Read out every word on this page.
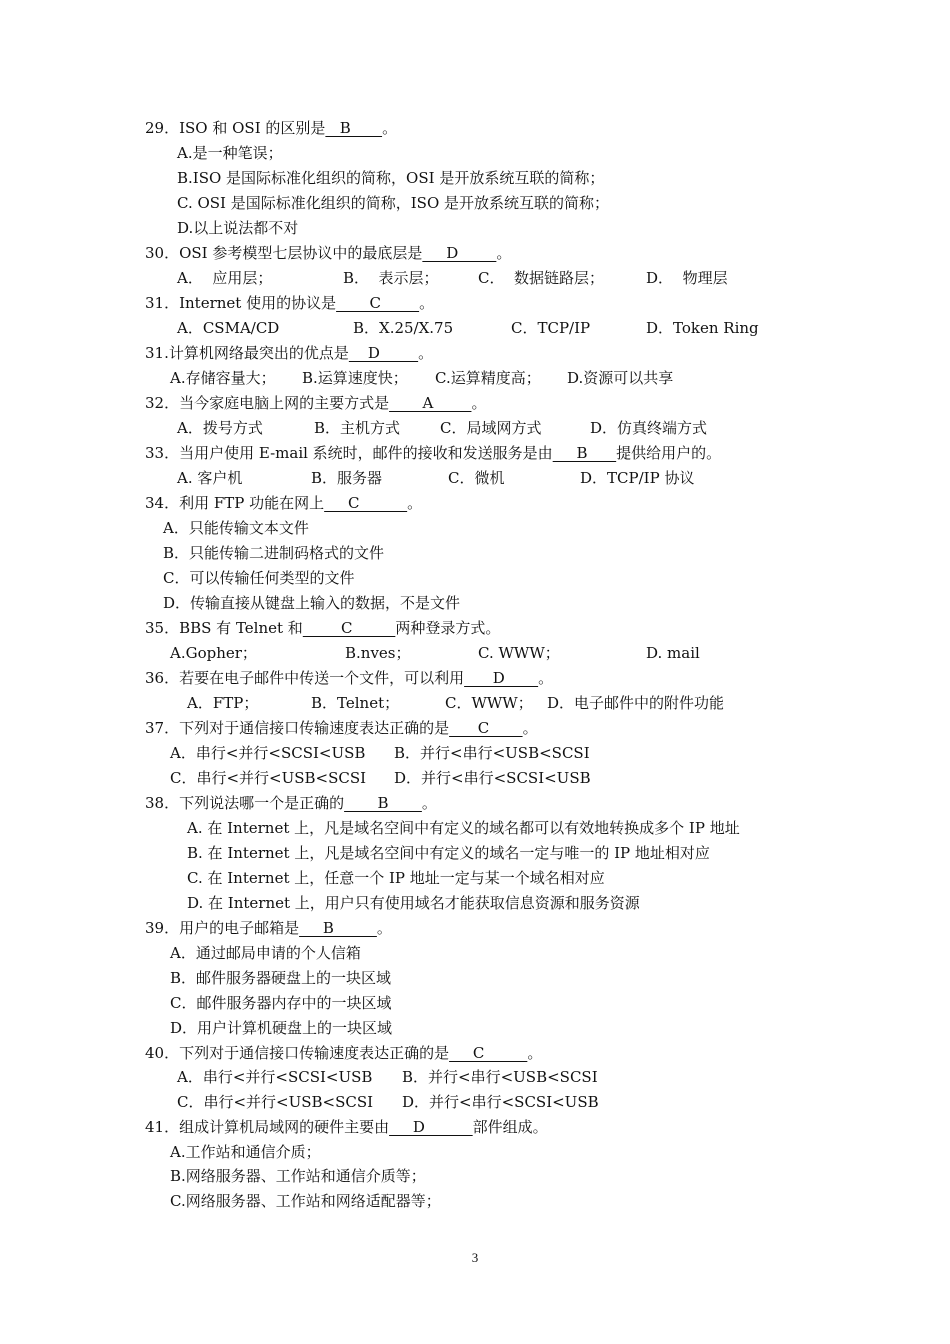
29．ISO 和 OSI 的区别是   B   _  。
A.是一种笔误；
B.ISO 是国际标准化组织的简称，OSI 是开放系统互联的简称；
C. OSI 是国际标准化组织的简称，ISO 是开放系统互联的简称；
D.以上说法都不对
30．OSI 参考模型七层协议中的最底层是     D        。
A．  应用层；	B．  表示层；	C．  数据链路层；	D．  物理层
31．Internet 使用的协议是       C        。
A．CSMA/CD	B．X.25/X.75	C．TCP/IP	D．Token Ring
31.计算机网络最突出的优点是    D        。
A.存储容量大； B.运算速度快； C.运算精度高； D.资源可以共享
32．当今家庭电脑上网的主要方式是       A        。
A．拨号方式	B．主机方式	C．局域网方式	D．仿真终端方式
33．当用户使用 E-mail 系统时，邮件的接收和发送服务是由     B      提供给用户的。
A. 客户机	B．服务器	C．微机	D．TCP/IP 协议
34．利用 FTP 功能在网上     C          。
A．只能传输文本文件
B．只能传输二进制码格式的文件
C．可以传输任何类型的文件
D．传输直接从键盘上输入的数据，不是文件
35．BBS 有 Telnet 和        C         两种登录方式。
A.Gopher；	B.nves；	C. WWW；	D. mail
36．若要在电子邮件中传送一个文件，可以利用      D       。
A．FTP；	B．Telnet；	C．WWW； D．电子邮件中的附件功能
37．下列对于通信接口传输速度表达正确的是      C       。
A．串行<并行<SCSI<USB B．并行<串行<USB<SCSI
C．串行<并行<USB<SCSI D．并行<串行<SCSI<USB
38．下列说法哪一个是正确的       B       。
A. 在 Internet 上，凡是域名空间中有定义的域名都可以有效地转换成多个 IP 地址
B. 在 Internet 上，凡是域名空间中有定义的域名一定与唯一的 IP 地址相对应
C. 在 Internet 上，任意一个 IP 地址一定与某一个域名相对应
D. 在 Internet 上，用户只有使用域名才能获取信息资源和服务资源
39．用户的电子邮箱是     B         。
A．通过邮局申请的个人信箱
B．邮件服务器硬盘上的一块区域
C．邮件服务器内存中的一块区域
D．用户计算机硬盘上的一块区域
40．下列对于通信接口传输速度表达正确的是     C         。
A．串行<并行<SCSI<USB B．并行<串行<USB<SCSI
C．串行<并行<USB<SCSI D．并行<串行<SCSI<USB
41．组成计算机局域网的硬件主要由     D          部件组成。
A.工作站和通信介质；
B.网络服务器、工作站和通信介质等；
C.网络服务器、工作站和网络适配器等；
3
